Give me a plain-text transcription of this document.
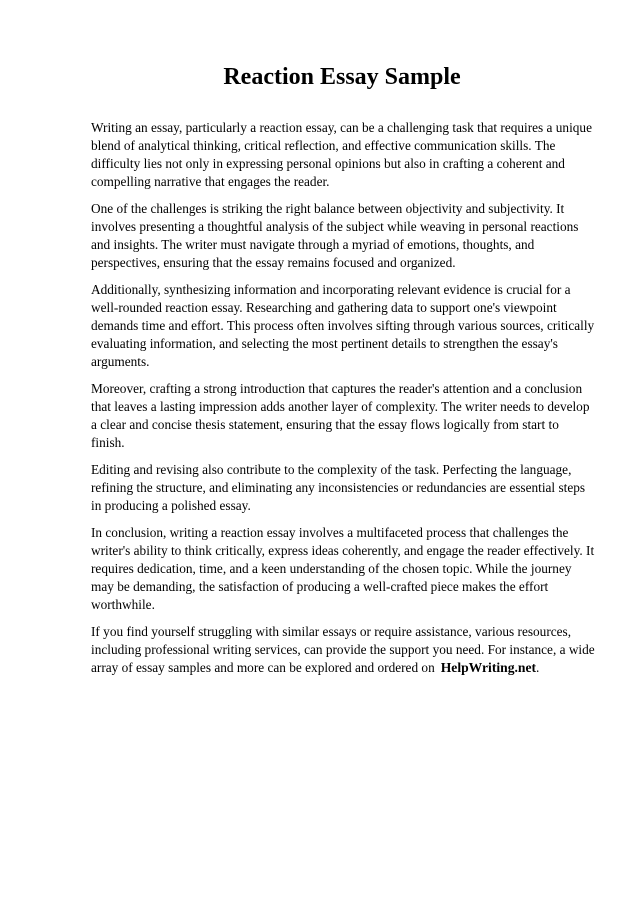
Reaction Essay Sample

Writing an essay, particularly a reaction essay, can be a challenging task that requires a unique blend of analytical thinking, critical reflection, and effective communication skills. The difficulty lies not only in expressing personal opinions but also in crafting a coherent and compelling narrative that engages the reader.

One of the challenges is striking the right balance between objectivity and subjectivity. It involves presenting a thoughtful analysis of the subject while weaving in personal reactions and insights. The writer must navigate through a myriad of emotions, thoughts, and perspectives, ensuring that the essay remains focused and organized.

Additionally, synthesizing information and incorporating relevant evidence is crucial for a well-rounded reaction essay. Researching and gathering data to support one's viewpoint demands time and effort. This process often involves sifting through various sources, critically evaluating information, and selecting the most pertinent details to strengthen the essay's arguments.

Moreover, crafting a strong introduction that captures the reader's attention and a conclusion that leaves a lasting impression adds another layer of complexity. The writer needs to develop a clear and concise thesis statement, ensuring that the essay flows logically from start to finish.

Editing and revising also contribute to the complexity of the task. Perfecting the language, refining the structure, and eliminating any inconsistencies or redundancies are essential steps in producing a polished essay.

In conclusion, writing a reaction essay involves a multifaceted process that challenges the writer's ability to think critically, express ideas coherently, and engage the reader effectively. It requires dedication, time, and a keen understanding of the chosen topic. While the journey may be demanding, the satisfaction of producing a well-crafted piece makes the effort worthwhile.

If you find yourself struggling with similar essays or require assistance, various resources, including professional writing services, can provide the support you need. For instance, a wide array of essay samples and more can be explored and ordered on HelpWriting.net.
